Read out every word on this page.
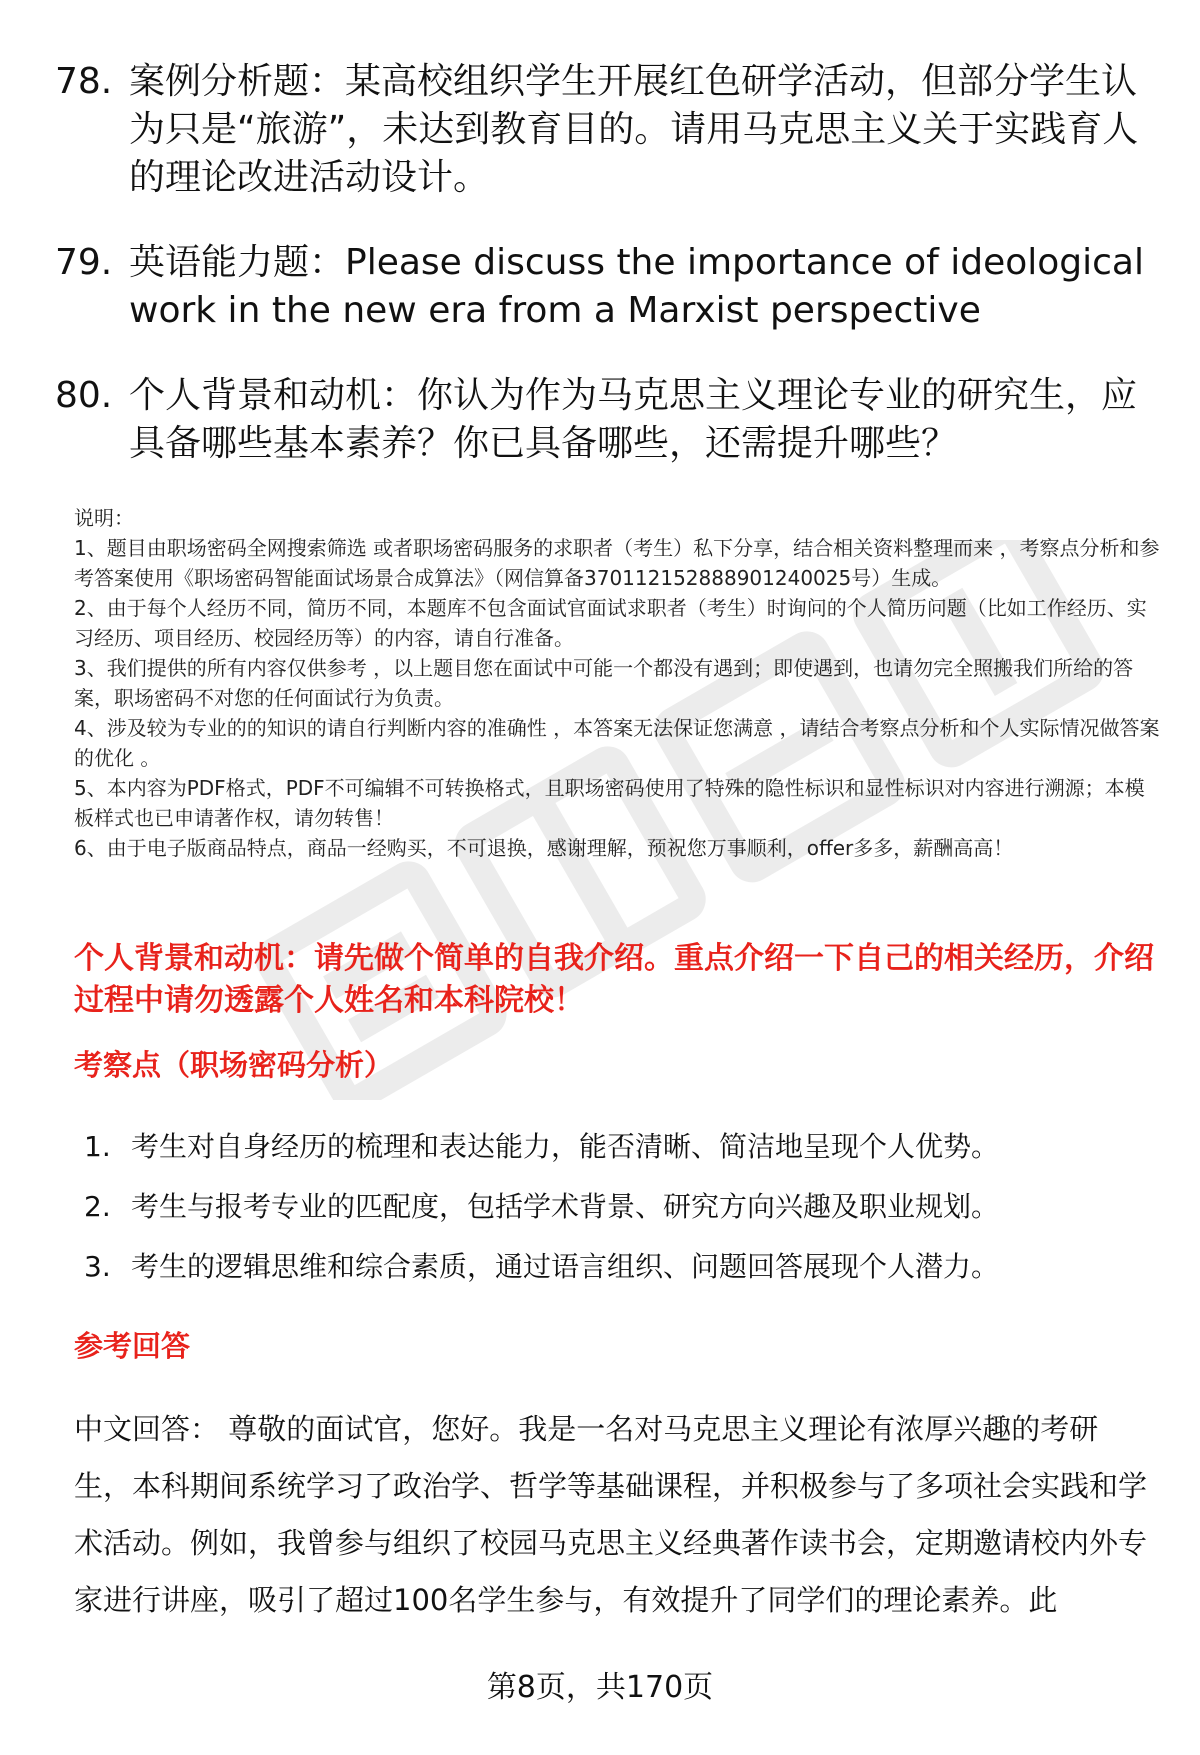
78. 案例分析题：某高校组织学生开展红色研学活动，但部分学生认为只是“旅游”，未达到教育目的。请用马克思主义关于实践育人的理论改进活动设计。
79. 英语能力题：Please discuss the importance of ideological work in the new era from a Marxist perspective
80. 个人背景和动机：你认为作为马克思主义理论专业的研究生，应具备哪些基本素养？你已具备哪些，还需提升哪些？

说明：

1、题目由职场密码全网搜索筛选 或者职场密码服务的求职者（考生）私下分享，结合相关资料整理而来 ，考察点分析和参考答案使用《职场密码智能面试场景合成算法》（网信算备370112152888901240025号）生成。

2、由于每个人经历不同，简历不同，本题库不包含面试官面试求职者（考生）时询问的个人简历问题（比如工作经历、实习经历、项目经历、校园经历等）的内容，请自行准备。

3、我们提供的所有内容仅供参考 ，以上题目您在面试中可能一个都没有遇到；即使遇到，也请勿完全照搬我们所给的答案，职场密码不对您的任何面试行为负责。

4、涉及较为专业的的知识的请自行判断内容的准确性 ，本答案无法保证您满意 ，请结合考察点分析和个人实际情况做答案的优化 。

5、本内容为PDF格式，PDF不可编辑不可转换格式，且职场密码使用了特殊的隐性标识和显性标识对内容进行溯源；本模板样式也已申请著作权，请勿转售！

6、由于电子版商品特点，商品一经购买，不可退换，感谢理解，预祝您万事顺利，offer多多，薪酬高高！

个人背景和动机：请先做个简单的自我介绍。重点介绍一下自己的相关经历，介绍过程中请勿透露个人姓名和本科院校！
考察点（职场密码分析）
1. 考生对自身经历的梳理和表达能力，能否清晰、简洁地呈现个人优势。
2. 考生与报考专业的匹配度，包括学术背景、研究方向兴趣及职业规划。
3. 考生的逻辑思维和综合素质，通过语言组织、问题回答展现个人潜力。
参考回答
中文回答： 尊敬的面试官，您好。我是一名对马克思主义理论有浓厚兴趣的考研生，本科期间系统学习了政治学、哲学等基础课程，并积极参与了多项社会实践和学术活动。例如，我曾参与组织了校园马克思主义经典著作读书会，定期邀请校内外专家进行讲座，吸引了超过100名学生参与，有效提升了同学们的理论素养。此
第8页，共170页
